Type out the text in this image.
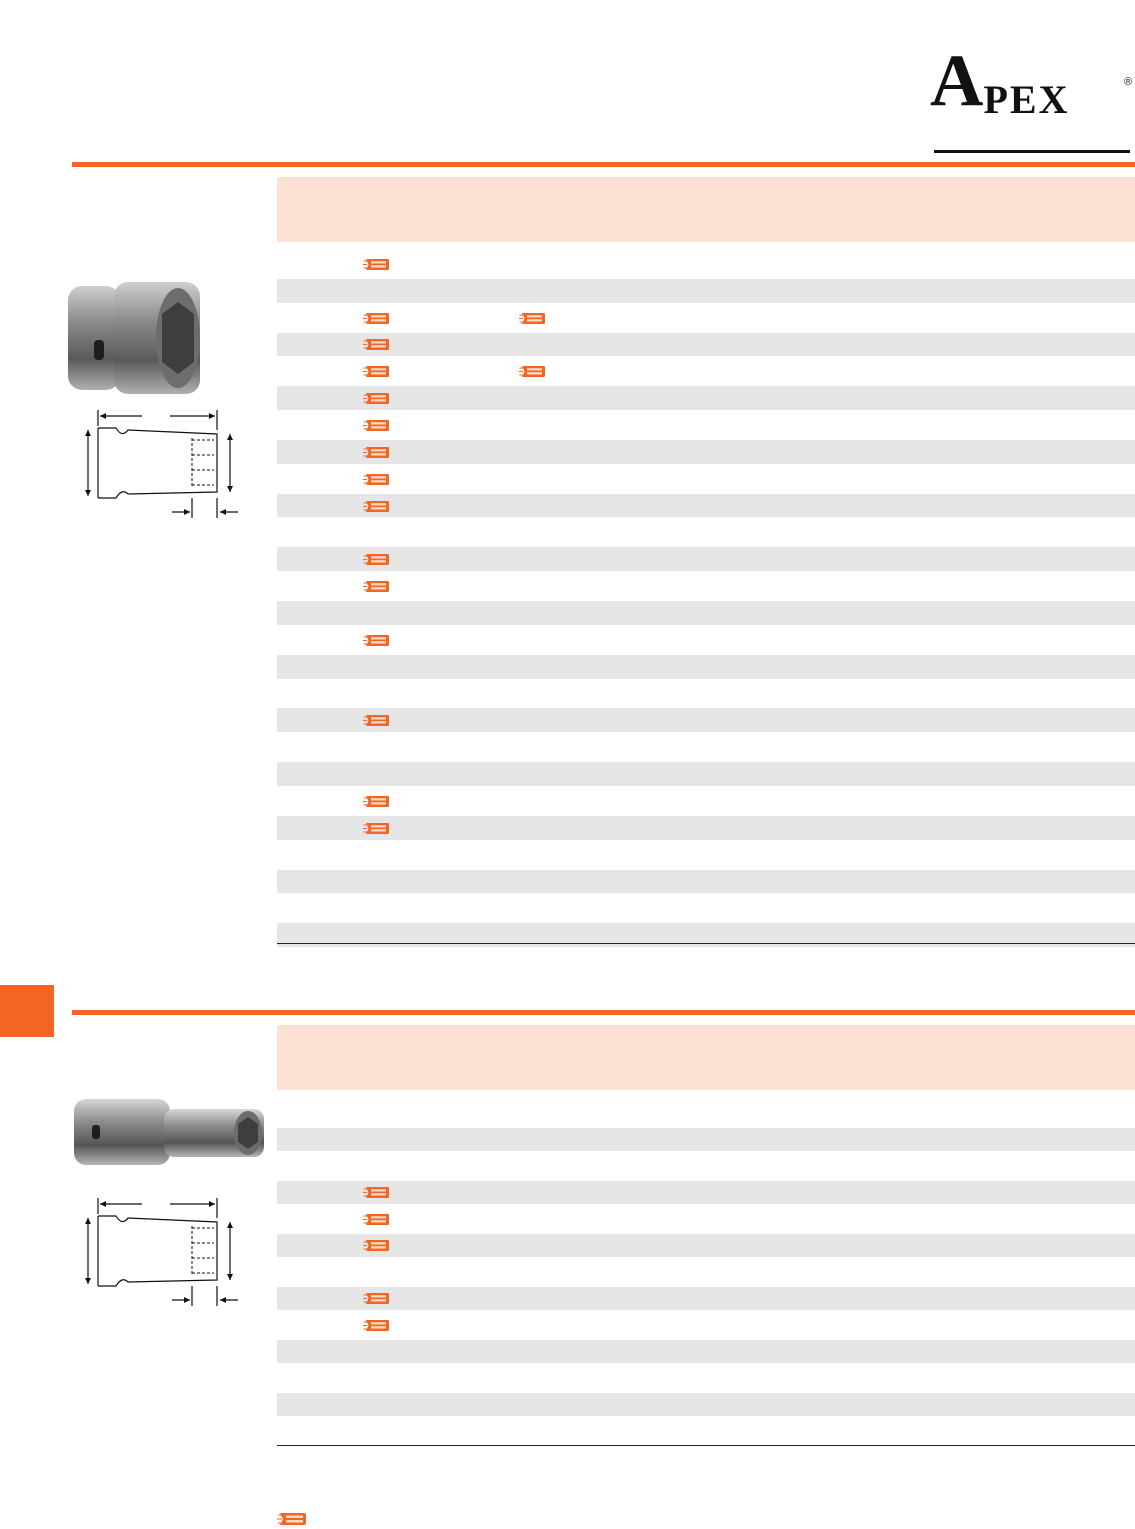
APEX	®
